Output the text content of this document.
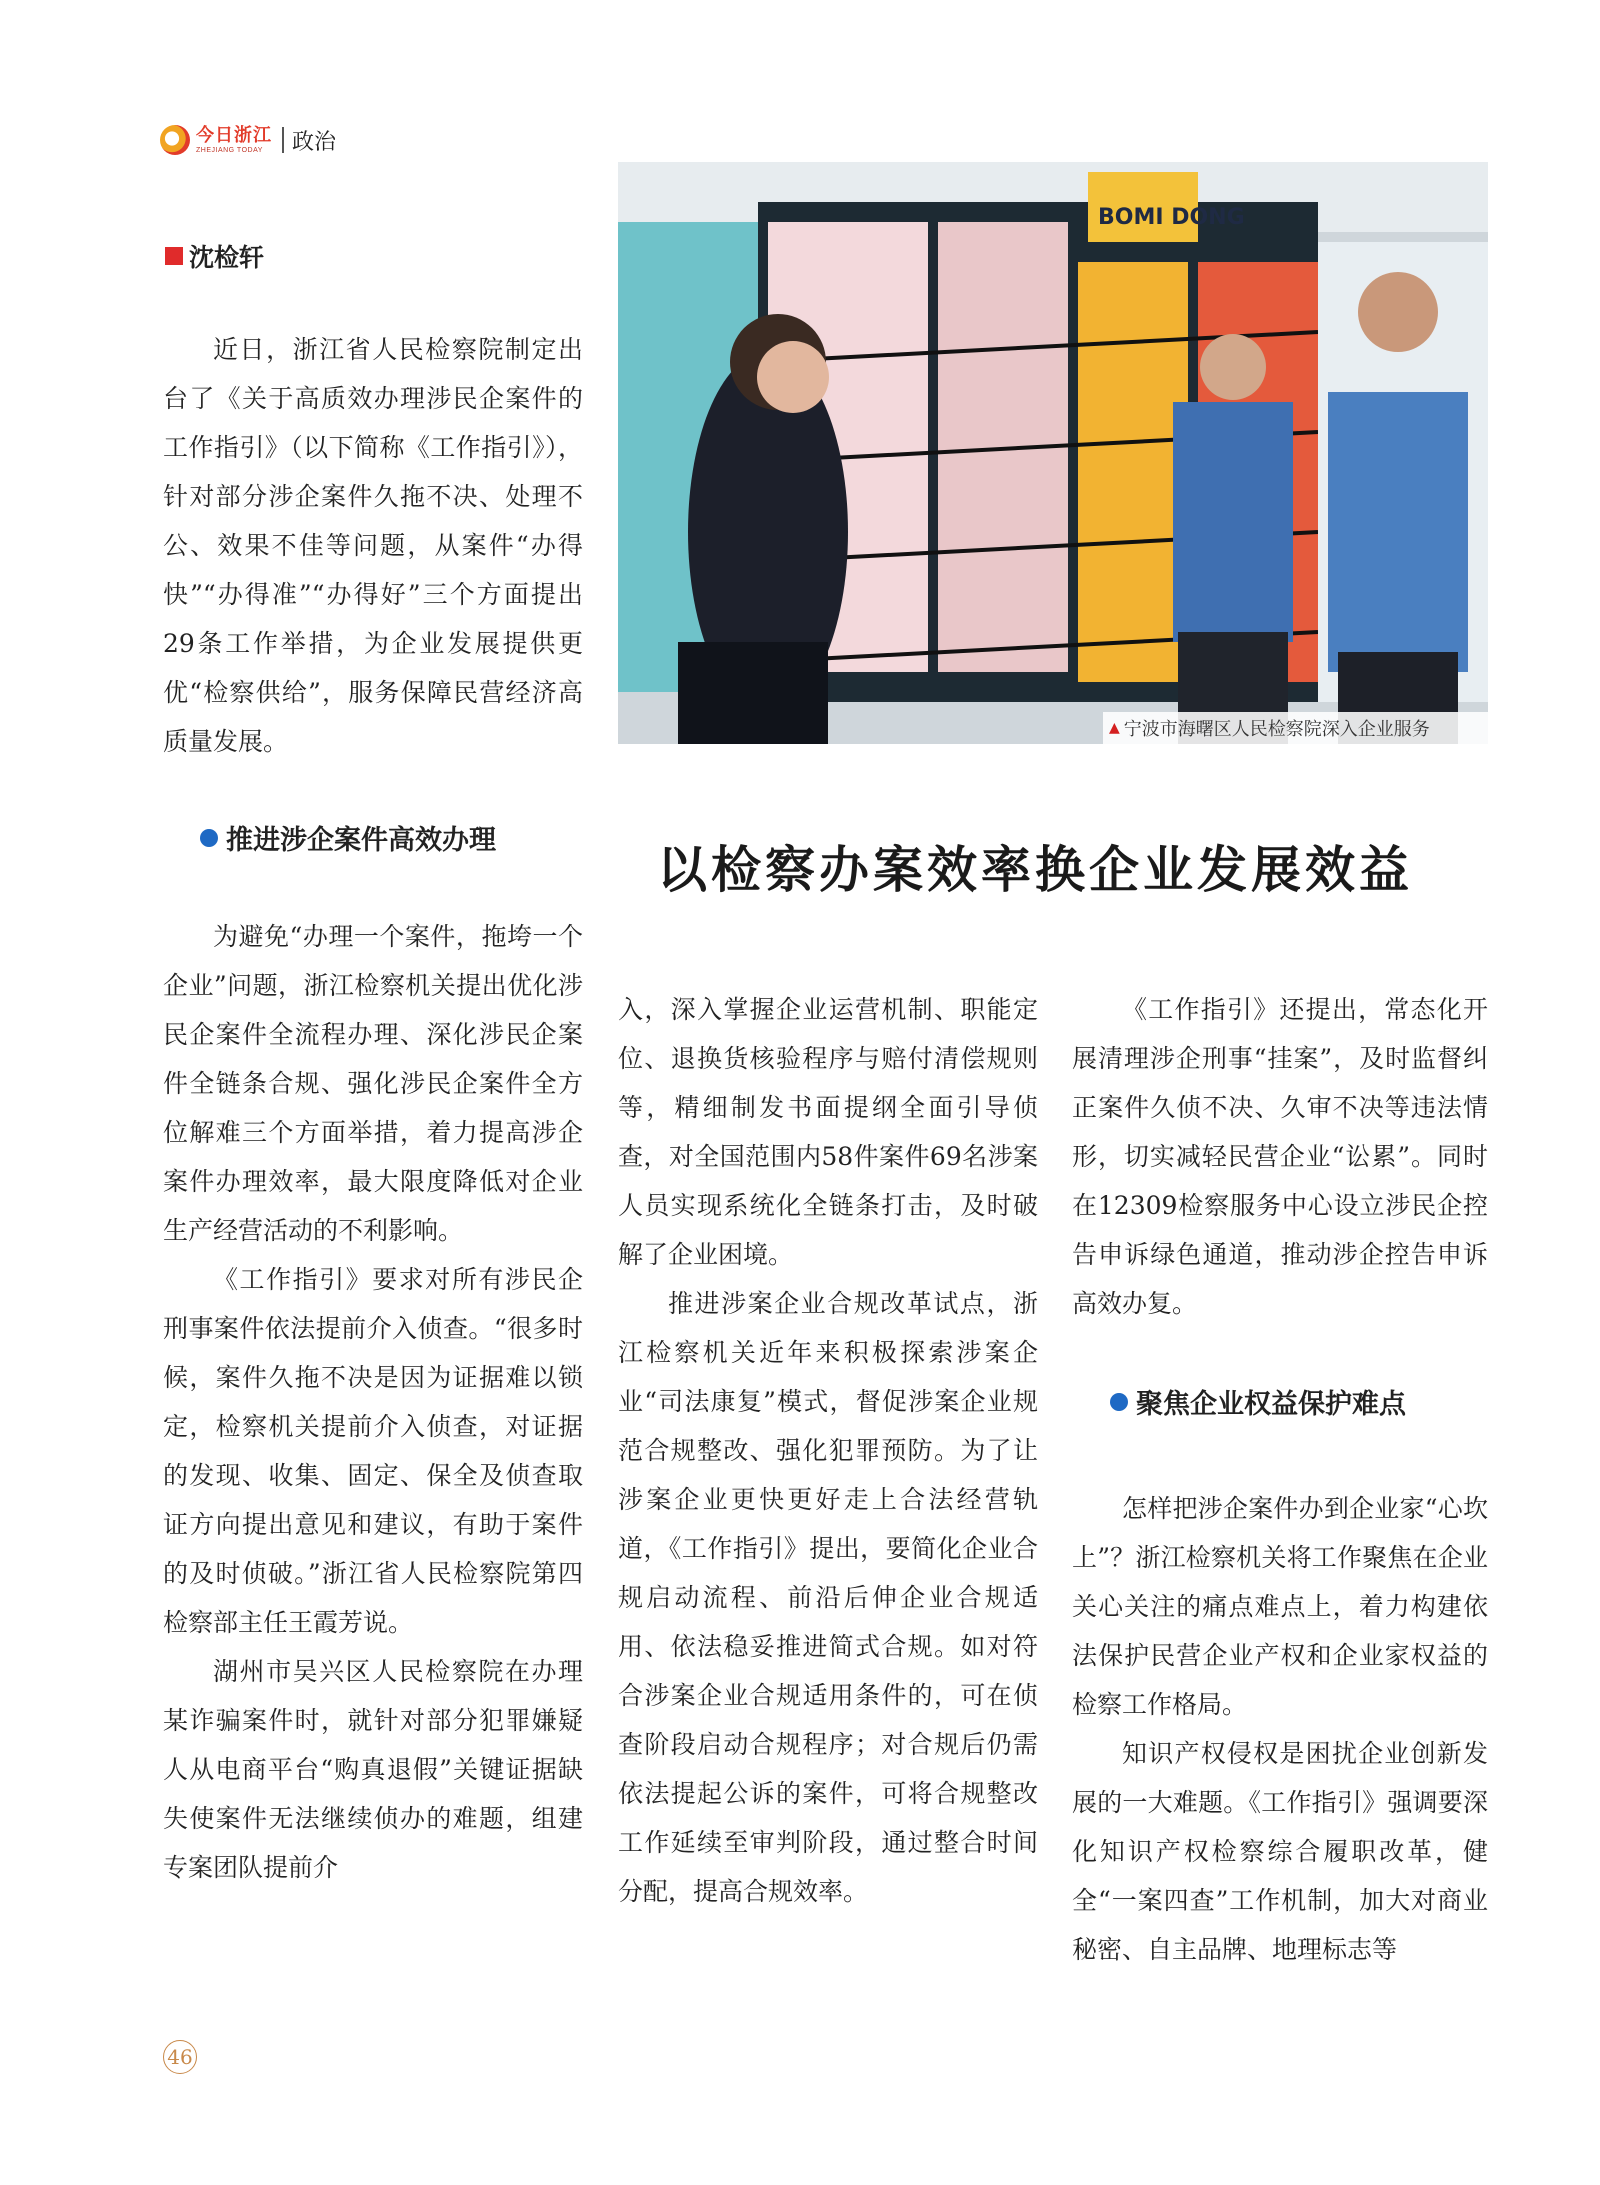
今日浙江
ZHEJIANG TODAY	政治
沈检轩

近日，浙江省人民检察院制定出台了《关于高质效办理涉民企案件的工作指引》（以下简称《工作指引》），针对部分涉企案件久拖不决、处理不公、效果不佳等问题，从案件“办得快”“办得准”“办得好”三个方面提出29条工作举措，为企业发展提供更优“检察供给”，服务保障民营经济高质量发展。

BOMI DONG
▲ 宁波市海曙区人民检察院深入企业服务
推进涉企案件高效办理	以检察办案效率换企业发展效益

为避免“办理一个案件，拖垮一个企业”问题，浙江检察机关提出优化涉民企案件全流程办理、深化涉民企案件全链条合规、强化涉民企案件全方位解难三个方面举措，着力提高涉企案件办理效率，最大限度降低对企业生产经营活动的不利影响。

《工作指引》要求对所有涉民企刑事案件依法提前介入侦查。“很多时候，案件久拖不决是因为证据难以锁定，检察机关提前介入侦查，对证据的发现、收集、固定、保全及侦查取证方向提出意见和建议，有助于案件的及时侦破。”浙江省人民检察院第四检察部主任王霞芳说。

湖州市吴兴区人民检察院在办理某诈骗案件时，就针对部分犯罪嫌疑人从电商平台“购真退假”关键证据缺失使案件无法继续侦办的难题，组建专案团队提前介

入，深入掌握企业运营机制、职能定位、退换货核验程序与赔付清偿规则等，精细制发书面提纲全面引导侦查，对全国范围内58件案件69名涉案人员实现系统化全链条打击，及时破解了企业困境。

推进涉案企业合规改革试点，浙江检察机关近年来积极探索涉案企业“司法康复”模式，督促涉案企业规范合规整改、强化犯罪预防。为了让涉案企业更快更好走上合法经营轨道，《工作指引》提出，要简化企业合规启动流程、前沿后伸企业合规适用、依法稳妥推进简式合规。如对符合涉案企业合规适用条件的，可在侦查阶段启动合规程序；对合规后仍需依法提起公诉的案件，可将合规整改工作延续至审判阶段，通过整合时间分配，提高合规效率。

《工作指引》还提出，常态化开展清理涉企刑事“挂案”，及时监督纠正案件久侦不决、久审不决等违法情形，切实减轻民营企业“讼累”。同时在12309检察服务中心设立涉民企控告申诉绿色通道，推动涉企控告申诉高效办复。

聚焦企业权益保护难点

怎样把涉企案件办到企业家“心坎上”？浙江检察机关将工作聚焦在企业关心关注的痛点难点上，着力构建依法保护民营企业产权和企业家权益的检察工作格局。

知识产权侵权是困扰企业创新发展的一大难题。《工作指引》强调要深化知识产权检察综合履职改革，健全“一案四查”工作机制，加大对商业秘密、自主品牌、地理标志等

46
